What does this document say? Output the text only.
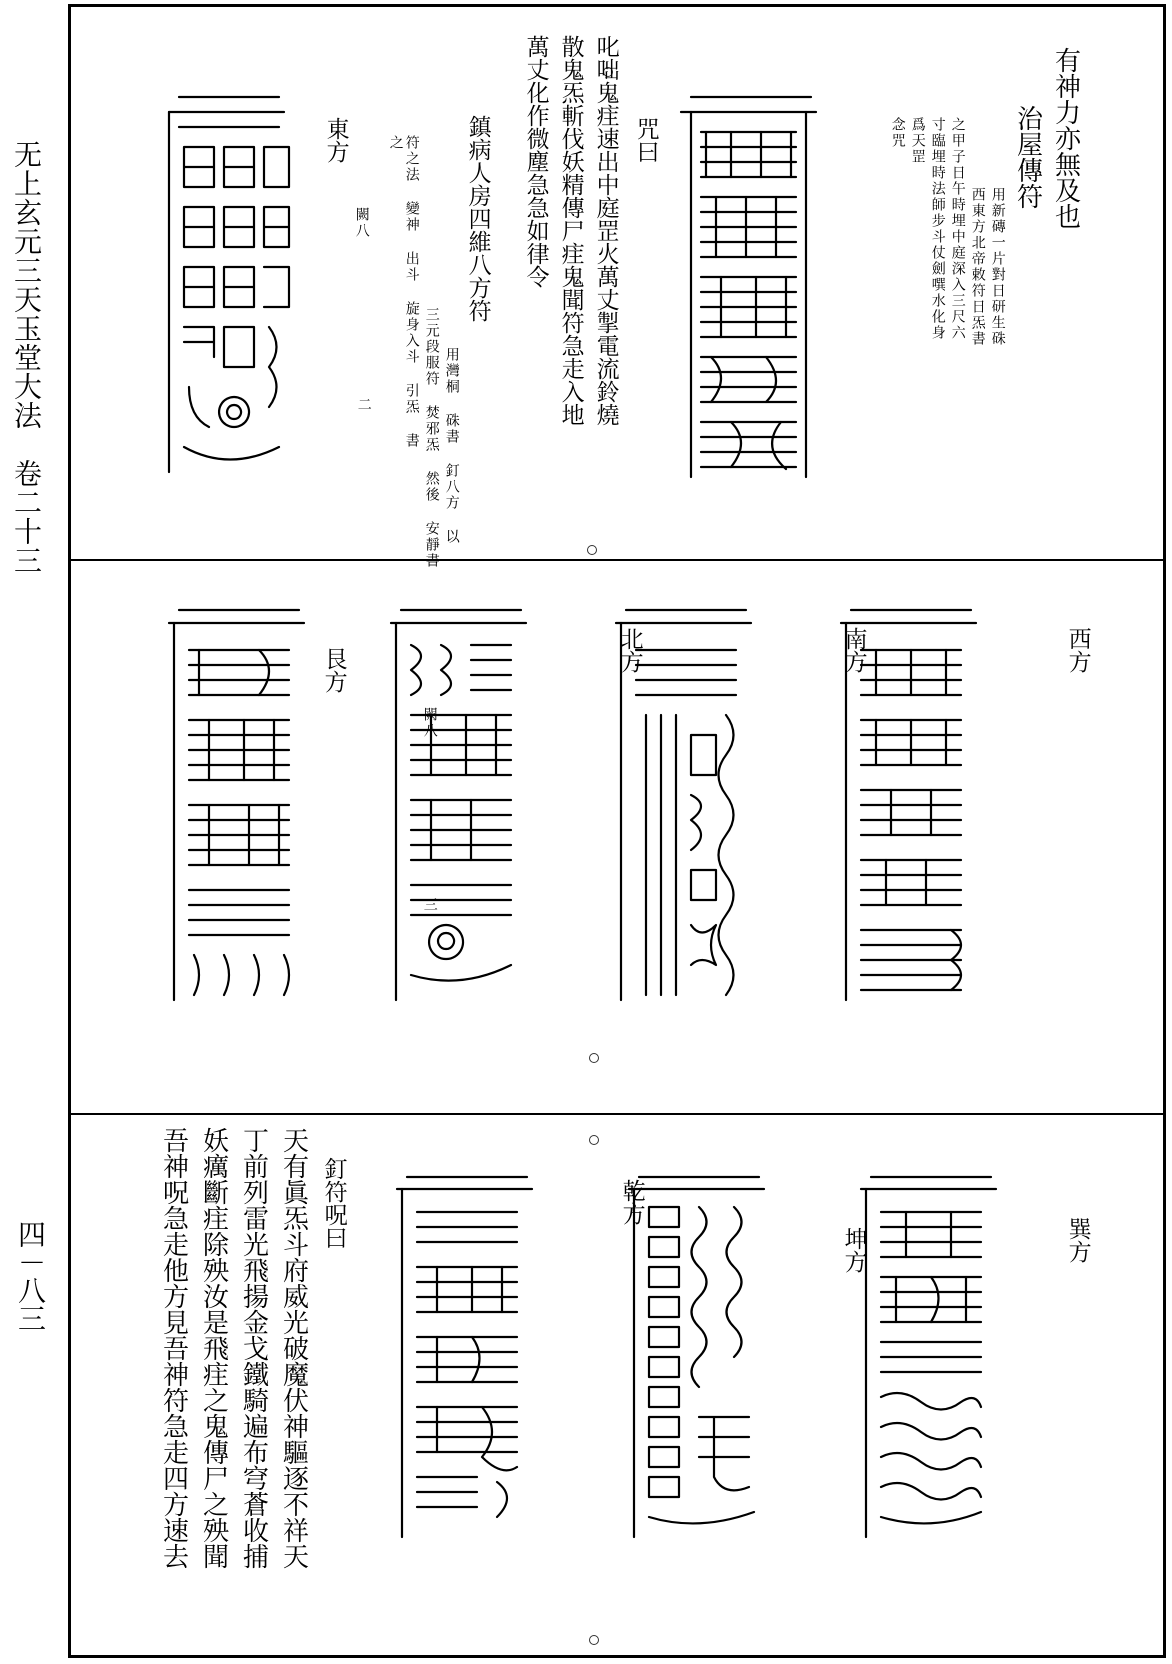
无上玄元三天玉堂大法　卷二十三
四－八三
有神力亦無及也
治屋傳符
用新磚一片對日研生硃
西東方北帝敕符日炁書
之甲子日午時埋中庭深入三尺六
寸臨埋時法師步斗仗劍噀水化身
爲天罡
念咒
咒曰
叱咄鬼疰速出中庭罡火萬丈掣電流鈴燒
散鬼炁斬伐妖精傳尸疰鬼聞符急走入地
萬丈化作微塵急急如律令
鎮病人房四維八方符
用灣桐 硃書 釘八方 以
三元段服符 焚邪炁 然後 安靜書
符之法 變神 出斗 旋身入斗 引炁 書
之
闕八
二
東方
西方
南方
北方
闕八
三
艮方
巽方
坤方
乾方
釘符呪曰
天有眞炁斗府威光破魔伏神驅逐不祥天
丁前列雷光飛揚金戈鐵騎遍布穹蒼收捕
妖癘斷疰除殃汝是飛疰之鬼傳尸之殃聞
吾神呪急走他方見吾神符急走四方速去
